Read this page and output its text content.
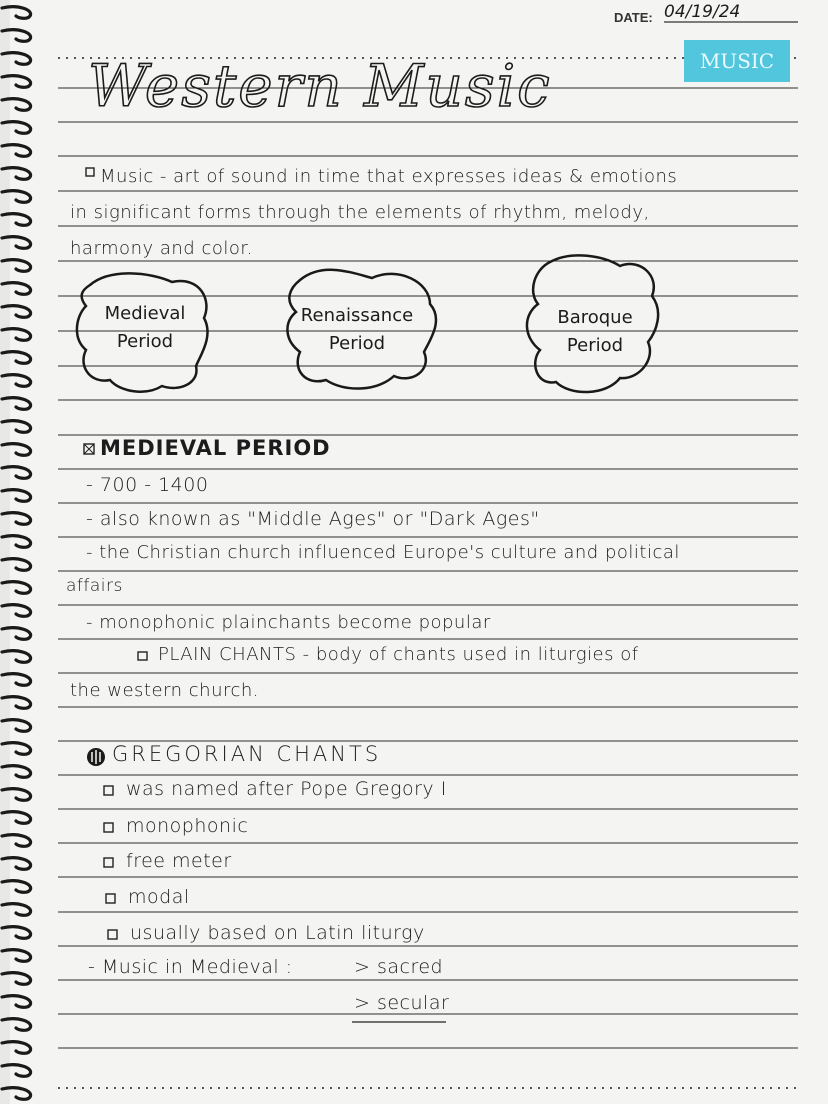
DATE: 04/19/24
MUSIC
Western Music
Music - art of sound in time that expresses ideas & emotions
in significant forms through the elements of rhythm, melody,
harmony and color.
Medieval
Period
Renaissance
Period
Baroque
Period
MEDIEVAL PERIOD
- 700 - 1400
- also known as "Middle Ages" or "Dark Ages"
- the Christian church influenced Europe's culture and political
affairs
- monophonic plainchants become popular
PLAIN CHANTS - body of chants used in liturgies of
the western church.
GREGORIAN CHANTS
was named after Pope Gregory I
monophonic
free meter
modal
usually based on Latin liturgy
- Music in Medieval :	> sacred
> secular
